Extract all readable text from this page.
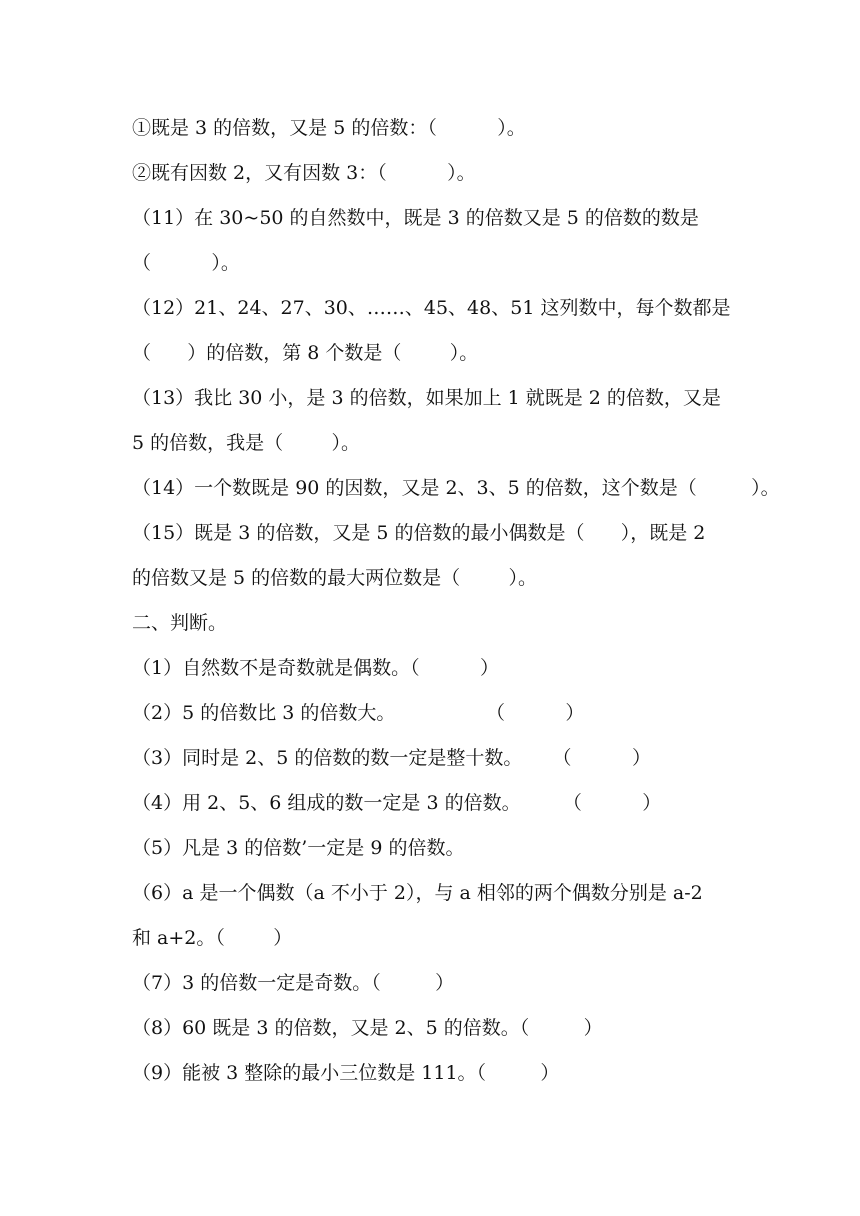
①既是 3 的倍数，又是 5 的倍数：（          ）。
②既有因数 2，又有因数 3：（          ）。
（11）在 30~50 的自然数中，既是 3 的倍数又是 5 的倍数的数是
（          ）。
（12）21、24、27、30、……、45、48、51 这列数中，每个数都是
（      ）的倍数，第 8 个数是（        ）。
（13）我比 30 小，是 3 的倍数，如果加上 1 就既是 2 的倍数，又是
5 的倍数，我是（        ）。
（14）一个数既是 90 的因数，又是 2、3、5 的倍数，这个数是（         ）。
（15）既是 3 的倍数，又是 5 的倍数的最小偶数是（      ），既是 2
的倍数又是 5 的倍数的最大两位数是（        ）。
二、判断。
（1）自然数不是奇数就是偶数。（          ）
（2）5 的倍数比 3 的倍数大。               （          ）
（3）同时是 2、5 的倍数的数一定是整十数。     （          ）
（4）用 2、5、6 组成的数一定是 3 的倍数。       （          ）
（5）凡是 3 的倍数’一定是 9 的倍数。
（6）a 是一个偶数（a 不小于 2），与 a 相邻的两个偶数分别是 a-2
和 a+2。（        ）
（7）3 的倍数一定是奇数。（         ）
（8）60 既是 3 的倍数，又是 2、5 的倍数。（         ）
（9）能被 3 整除的最小三位数是 111。（         ）
